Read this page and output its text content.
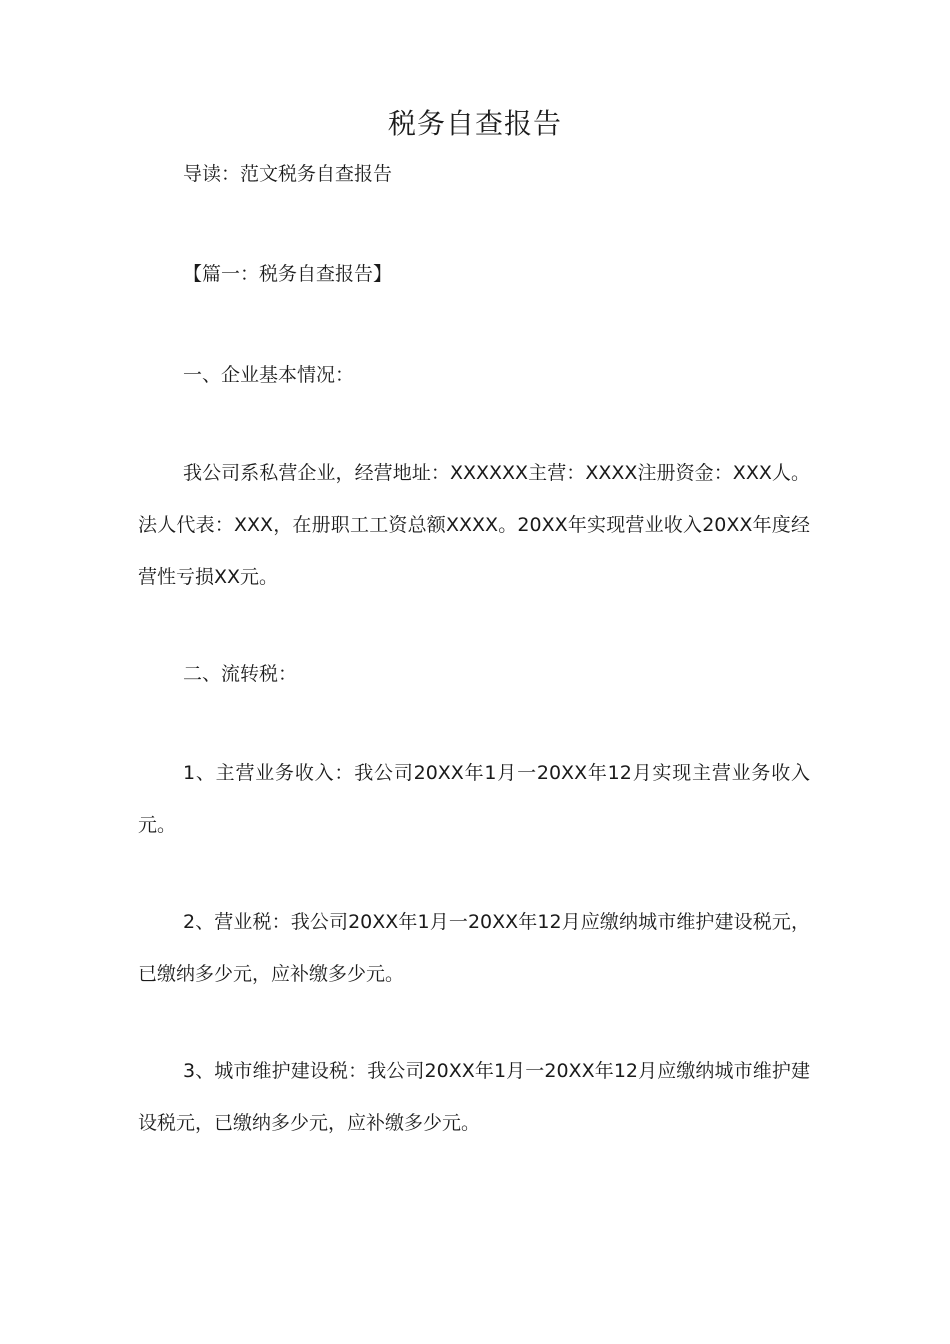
税务自查报告
导读：范文税务自查报告
【篇一：税务自查报告】
一、企业基本情况：

我公司系私营企业，经营地址：XXXXXX主营：XXXX注册资金：XXX人。法人代表：XXX，在册职工工资总额XXXX。20XX年实现营业收入20XX年度经营性亏损XX元。

二、流转税：

1、主营业务收入：我公司20XX年1月一20XX年12月实现主营业务收入元。

2、营业税：我公司20XX年1月一20XX年12月应缴纳城市维护建设税元，已缴纳多少元，应补缴多少元。

3、城市维护建设税：我公司20XX年1月一20XX年12月应缴纳城市维护建设税元，已缴纳多少元，应补缴多少元。
